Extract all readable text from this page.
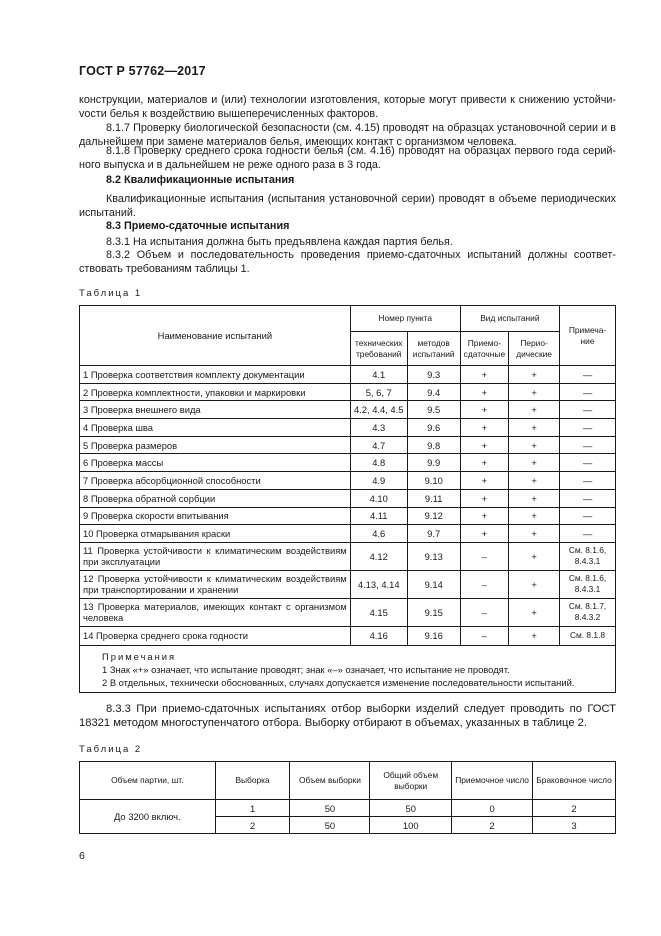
ГОСТ Р 57762—2017
конструкции, материалов и (или) технологии изготовления, которые могут привести к снижению устойчиvости белья к воздействию вышеперечисленных факторов.
8.1.7 Проверку биологической безопасности (см. 4.15) проводят на образцах установочной серии и в дальнейшем при замене материалов белья, имеющих контакт с организмом человека.
8.1.8 Проверку среднего срока годности белья (см. 4.16) проводят на образцах первого года серийного выпуска и в дальнейшем не реже одного раза в 3 года.
8.2 Квалификационные испытания
Квалификационные испытания (испытания установочной серии) проводят в объеме периодических испытаний.
8.3 Приемо-сдаточные испытания
8.3.1 На испытания должна быть предъявлена каждая партия белья.
8.3.2 Объем и последовательность проведения приемо-сдаточных испытаний должны соответствовать требованиям таблицы 1.
Таблица 1
Наименование испытаний	Номер пункта		Вид испытаний		Примеча-ние
	технических требований	методов испытаний	Приемо-сдаточные	Перио-дические	
1 Проверка соответствия комплекту документации	4.1	9.3	+	+	—
2 Проверка комплектности, упаковки и маркировки	5, 6, 7	9.4	+	+	—
3 Проверка внешнего вида	4.2, 4.4, 4.5	9.5	+	+	—
4 Проверка шва	4.3	9.6	+	+	—
5 Проверка размеров	4.7	9.8	+	+	—
6 Проверка массы	4.8	9.9	+	+	—
7 Проверка абсорбционной способности	4.9	9.10	+	+	—
8 Проверка обратной сорбции	4.10	9.11	+	+	—
9 Проверка скорости впитывания	4.11	9.12	+	+	—
10 Проверка отмарывания краски	4.6	9.7	+	+	—
11 Проверка устойчивости к климатическим воздействиям при эксплуатации	4.12	9.13	–	+	См. 8.1.6, 8.4.3.1
12 Проверка устойчивости к климатическим воздействиям при транспортировании и хранении	4.13, 4.14	9.14	–	+	См. 8.1.6, 8.4.3.1
13 Проверка материалов, имеющих контакт с организмом человека	4.15	9.15	–	+	См. 8.1.7, 8.4.3.2
14 Проверка среднего срока годности	4.16	9.16	–	+	См. 8.1.8

Примечания
1 Знак «+» означает, что испытание проводят; знак «–» означает, что испытание не проводят.
2 В отдельных, технически обоснованных, случаях допускается изменение последовательности испытаний.					
8.3.3 При приемо-сдаточных испытаниях отбор выборки изделий следует проводить по ГОСТ 18321 методом многоступенчатого отбора. Выборку отбирают в объемах, указанных в таблице 2.
Таблица 2
Объем партии, шт.	Выборка	Объем выборки	Общий объем выборки	Приемочное число	Браковочное число
До 3200 включ.	1	50	50	0	2
	2	50	100	2	3
6
